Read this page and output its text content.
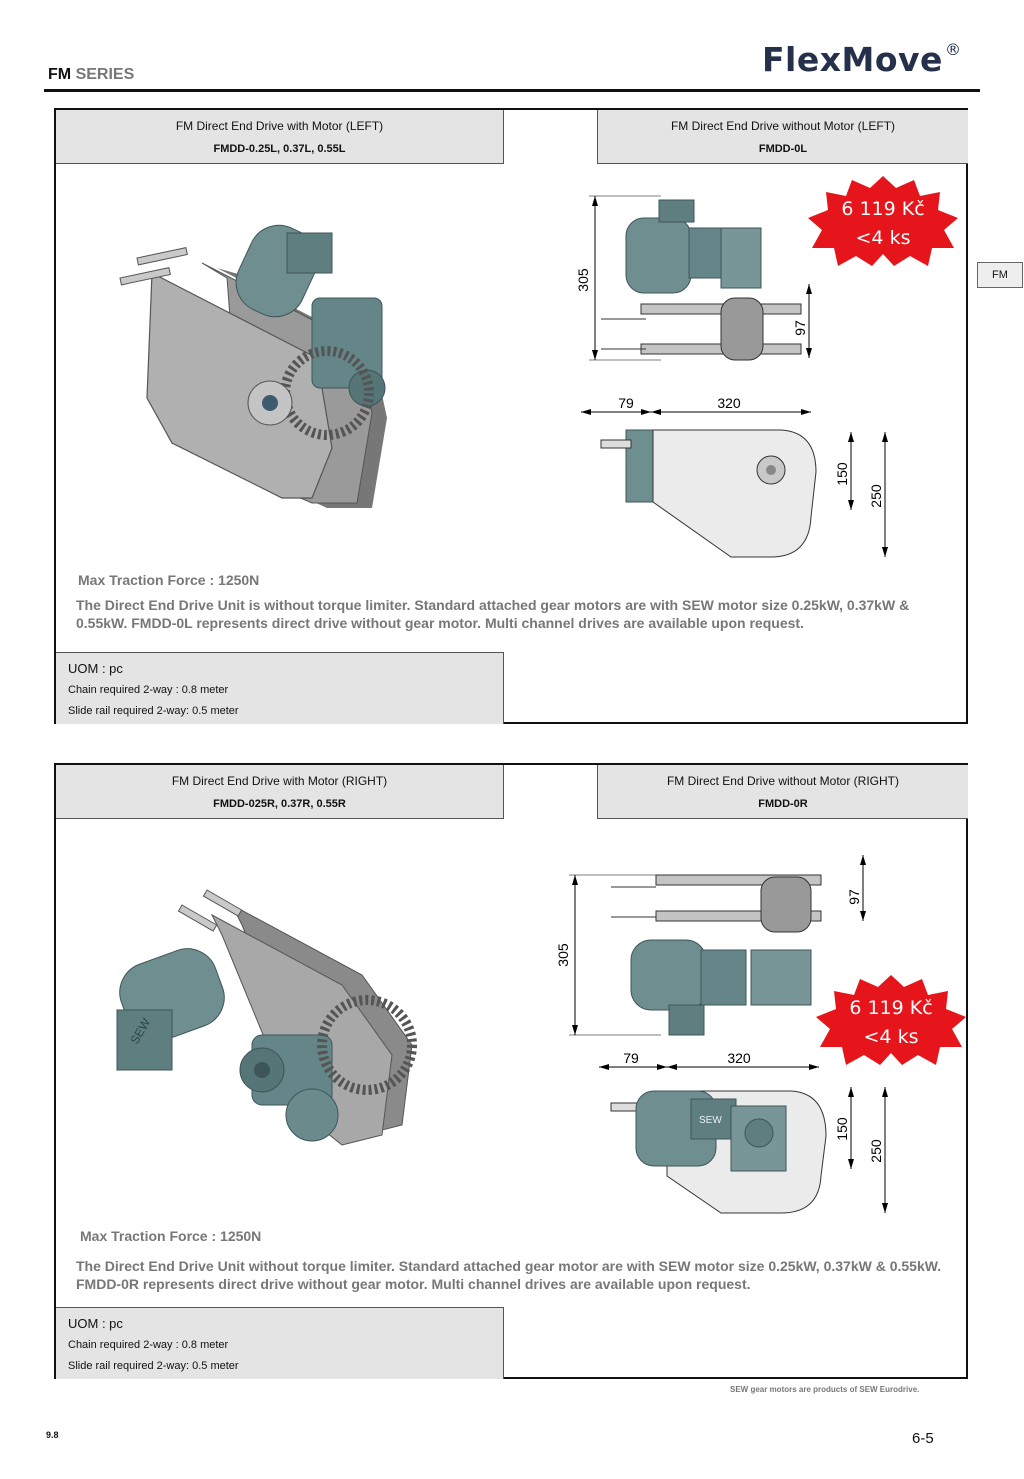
FM SERIES	FlexMove ®
FM
FM Direct End Drive with Motor (LEFT)
FMDD-0.25L, 0.37L, 0.55L
FM Direct End Drive without Motor (LEFT)
FMDD-0L
305
97
79	320
150
250
6 119 Kč
<4 ks
Max Traction Force : 1250N
The Direct End Drive Unit is without torque limiter. Standard attached gear motors are with SEW motor size 0.25kW, 0.37kW & 0.55kW. FMDD-0L represents direct drive without gear motor. Multi channel drives are available upon request.
UOM : pc
Chain required 2-way : 0.8 meter
Slide rail required 2-way: 0.5 meter
FM Direct End Drive with Motor (RIGHT)
FMDD-025R, 0.37R, 0.55R
FM Direct End Drive without Motor (RIGHT)
FMDD-0R
SEW
305
97
79	320
SEW	150
250
6 119 Kč
<4 ks
Max Traction Force : 1250N
The Direct End Drive Unit without torque limiter. Standard attached gear motor are with SEW motor size 0.25kW, 0.37kW & 0.55kW. FMDD-0R represents direct drive without gear motor. Multi channel drives are available upon request.
UOM : pc
Chain required 2-way : 0.8 meter
Slide rail required 2-way: 0.5 meter
SEW gear motors are products of SEW Eurodrive.
9.8	6-5
